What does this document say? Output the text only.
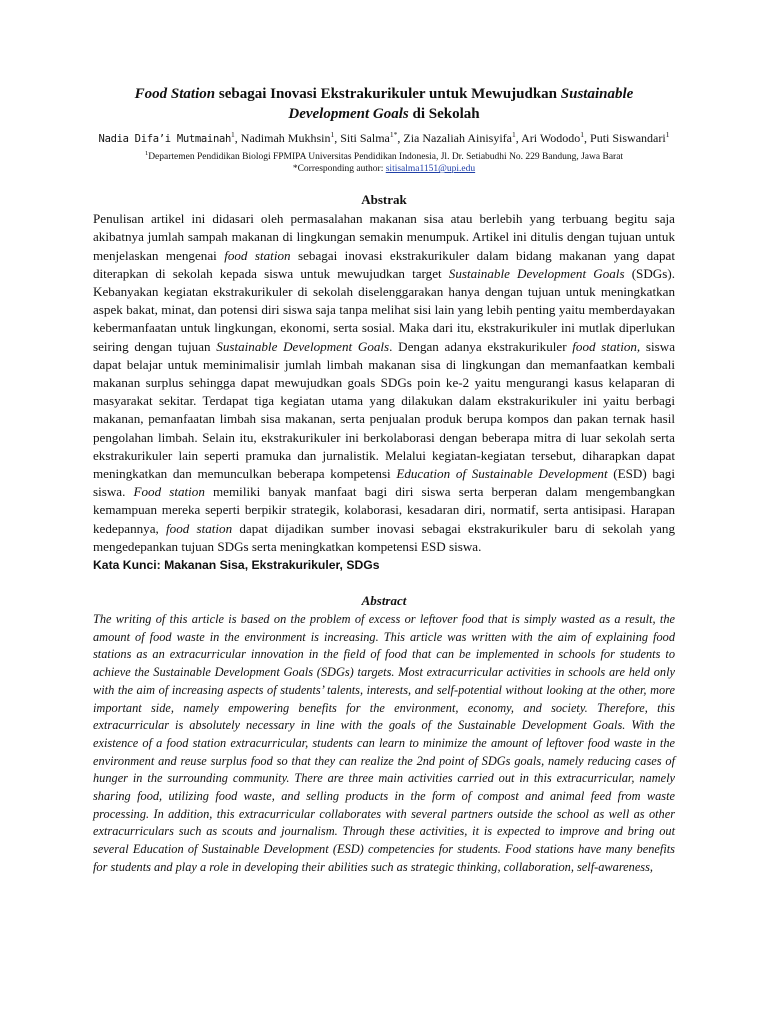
Food Station sebagai Inovasi Ekstrakurikuler untuk Mewujudkan Sustainable Development Goals di Sekolah
Nadia Difa’i Mutmainah$^1$, Nadimah Mukhsin$^1$, Siti Salma$^{1*}$, Zia Nazaliah Ainisyifa$^1$, Ari Wododo$^1$, Puti Siswandari$^1$
$^1$Departemen Pendidikan Biologi FPMIPA Universitas Pendidikan Indonesia, Jl. Dr. Setiabudhi No. 229 Bandung, Jawa Barat
*Corresponding author: sitisalma1151@upi.edu
Abstrak
Penulisan artikel ini didasari oleh permasalahan makanan sisa atau berlebih yang terbuang begitu saja akibatnya jumlah sampah makanan di lingkungan semakin menumpuk. Artikel ini ditulis dengan tujuan untuk menjelaskan mengenai food station sebagai inovasi ekstrakurikuler dalam bidang makanan yang dapat diterapkan di sekolah kepada siswa untuk mewujudkan target Sustainable Development Goals (SDGs). Kebanyakan kegiatan ekstrakurikuler di sekolah diselenggarakan hanya dengan tujuan untuk meningkatkan aspek bakat, minat, dan potensi diri siswa saja tanpa melihat sisi lain yang lebih penting yaitu memberdayakan kebermanfaatan untuk lingkungan, ekonomi, serta sosial. Maka dari itu, ekstrakurikuler ini mutlak diperlukan seiring dengan tujuan Sustainable Development Goals. Dengan adanya ekstrakurikuler food station, siswa dapat belajar untuk meminimalisir jumlah limbah makanan sisa di lingkungan dan memanfaatkan kembali makanan surplus sehingga dapat mewujudkan goals SDGs poin ke-2 yaitu mengurangi kasus kelaparan di masyarakat sekitar. Terdapat tiga kegiatan utama yang dilakukan dalam ekstrakurikuler ini yaitu berbagi makanan, pemanfaatan limbah sisa makanan, serta penjualan produk berupa kompos dan pakan ternak hasil pengolahan limbah. Selain itu, ekstrakurikuler ini berkolaborasi dengan beberapa mitra di luar sekolah serta ekstrakurikuler lain seperti pramuka dan jurnalistik. Melalui kegiatan-kegiatan tersebut, diharapkan dapat meningkatkan dan memunculkan beberapa kompetensi Education of Sustainable Development (ESD) bagi siswa. Food station memiliki banyak manfaat bagi diri siswa serta berperan dalam mengembangkan kemampuan mereka seperti berpikir strategik, kolaborasi, kesadaran diri, normatif, serta antisipasi. Harapan kedepannya, food station dapat dijadikan sumber inovasi sebagai ekstrakurikuler baru di sekolah yang mengedepankan tujuan SDGs serta meningkatkan kompetensi ESD siswa.
Kata Kunci: Makanan Sisa, Ekstrakurikuler, SDGs
Abstract
The writing of this article is based on the problem of excess or leftover food that is simply wasted as a result, the amount of food waste in the environment is increasing. This article was written with the aim of explaining food stations as an extracurricular innovation in the field of food that can be implemented in schools for students to achieve the Sustainable Development Goals (SDGs) targets. Most extracurricular activities in schools are held only with the aim of increasing aspects of students’ talents, interests, and self-potential without looking at the other, more important side, namely empowering benefits for the environment, economy, and society. Therefore, this extracurricular is absolutely necessary in line with the goals of the Sustainable Development Goals. With the existence of a food station extracurricular, students can learn to minimize the amount of leftover food waste in the environment and reuse surplus food so that they can realize the 2nd point of SDGs goals, namely reducing cases of hunger in the surrounding community. There are three main activities carried out in this extracurricular, namely sharing food, utilizing food waste, and selling products in the form of compost and animal feed from waste processing. In addition, this extracurricular collaborates with several partners outside the school as well as other extracurriculars such as scouts and journalism. Through these activities, it is expected to improve and bring out several Education of Sustainable Development (ESD) competencies for students. Food stations have many benefits for students and play a role in developing their abilities such as strategic thinking, collaboration, self-awareness,
